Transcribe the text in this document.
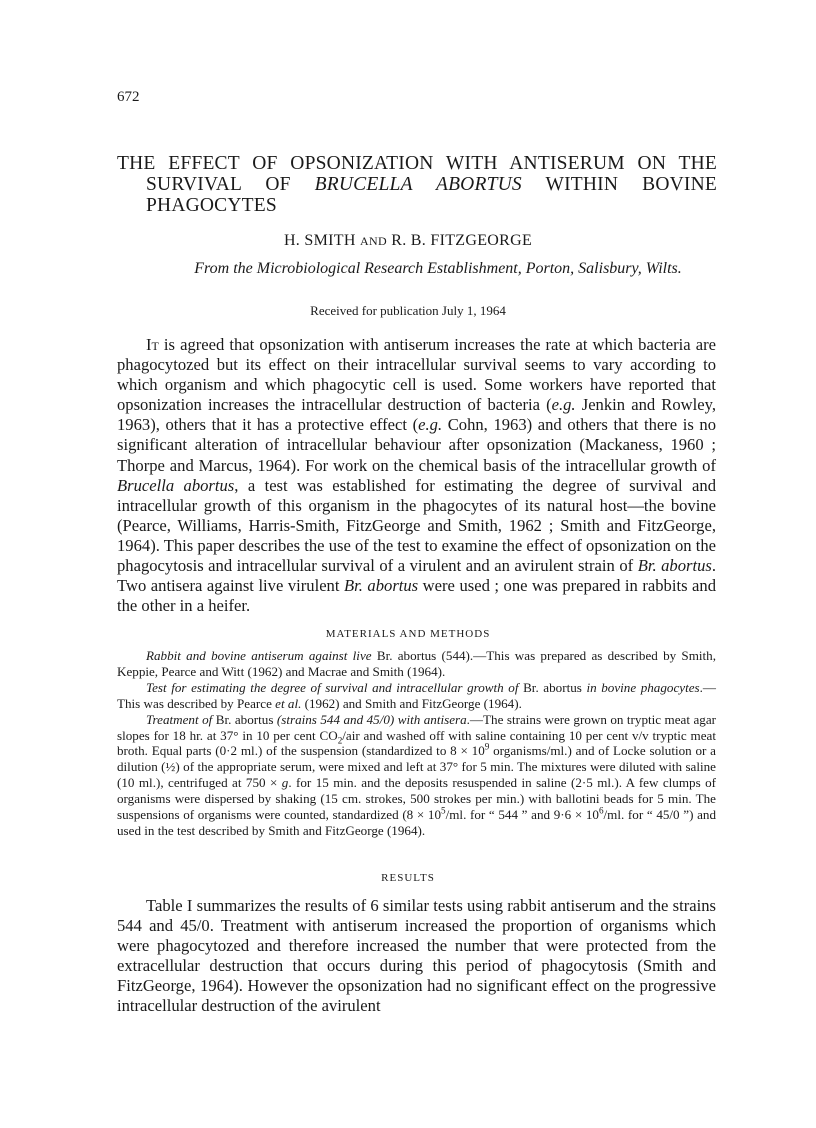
672
THE EFFECT OF OPSONIZATION WITH ANTISERUM ON THE
SURVIVAL OF BRUCELLA ABORTUS WITHIN BOVINE
PHAGOCYTES
H. SMITH AND R. B. FITZGEORGE
From the Microbiological Research Establishment, Porton, Salisbury, Wilts.
Received for publication July 1, 1964

It is agreed that opsonization with antiserum increases the rate at which bacteria are phagocytozed but its effect on their intracellular survival seems to vary according to which organism and which phagocytic cell is used. Some workers have reported that opsonization increases the intracellular destruction of bacteria (e.g. Jenkin and Rowley, 1963), others that it has a protective effect (e.g. Cohn, 1963) and others that there is no significant alteration of intracellular behaviour after opsonization (Mackaness, 1960 ; Thorpe and Marcus, 1964). For work on the chemical basis of the intracellular growth of Brucella abortus, a test was established for estimating the degree of survival and intracellular growth of this organism in the phagocytes of its natural host—the bovine (Pearce, Williams, Harris-Smith, FitzGeorge and Smith, 1962 ; Smith and FitzGeorge, 1964). This paper describes the use of the test to examine the effect of opsonization on the phagocytosis and intracellular survival of a virulent and an avirulent strain of Br. abortus. Two antisera against live virulent Br. abortus were used ; one was prepared in rabbits and the other in a heifer.

MATERIALS AND METHODS

Rabbit and bovine antiserum against live Br. abortus (544).—This was prepared as described by Smith, Keppie, Pearce and Witt (1962) and Macrae and Smith (1964).

Test for estimating the degree of survival and intracellular growth of Br. abortus in bovine phagocytes.—This was described by Pearce et al. (1962) and Smith and FitzGeorge (1964).

Treatment of Br. abortus (strains 544 and 45/0) with antisera.—The strains were grown on tryptic meat agar slopes for 18 hr. at 37° in 10 per cent $CO_2$/air and washed off with saline containing 10 per cent v/v tryptic meat broth. Equal parts (0·2 ml.) of the suspension (standardized to $8 \times 10^9$ organisms/ml.) and of Locke solution or a dilution (½) of the appropriate serum, were mixed and left at 37° for 5 min. The mixtures were diluted with saline (10 ml.), centrifuged at 750 × g. for 15 min. and the deposits resuspended in saline (2·5 ml.). A few clumps of organisms were dispersed by shaking (15 cm. strokes, 500 strokes per min.) with ballotini beads for 5 min. The suspensions of organisms were counted, standardized ($8 \times 10^5/ml$. for “ 544 ” and $9\cdot 6 \times 10^6/ml$. for “ 45/0 ”) and used in the test described by Smith and FitzGeorge (1964).

RESULTS

Table I summarizes the results of 6 similar tests using rabbit antiserum and the strains 544 and 45/0. Treatment with antiserum increased the proportion of organisms which were phagocytozed and therefore increased the number that were protected from the extracellular destruction that occurs during this period of phagocytosis (Smith and FitzGeorge, 1964). However the opsonization had no significant effect on the progressive intracellular destruction of the avirulent
